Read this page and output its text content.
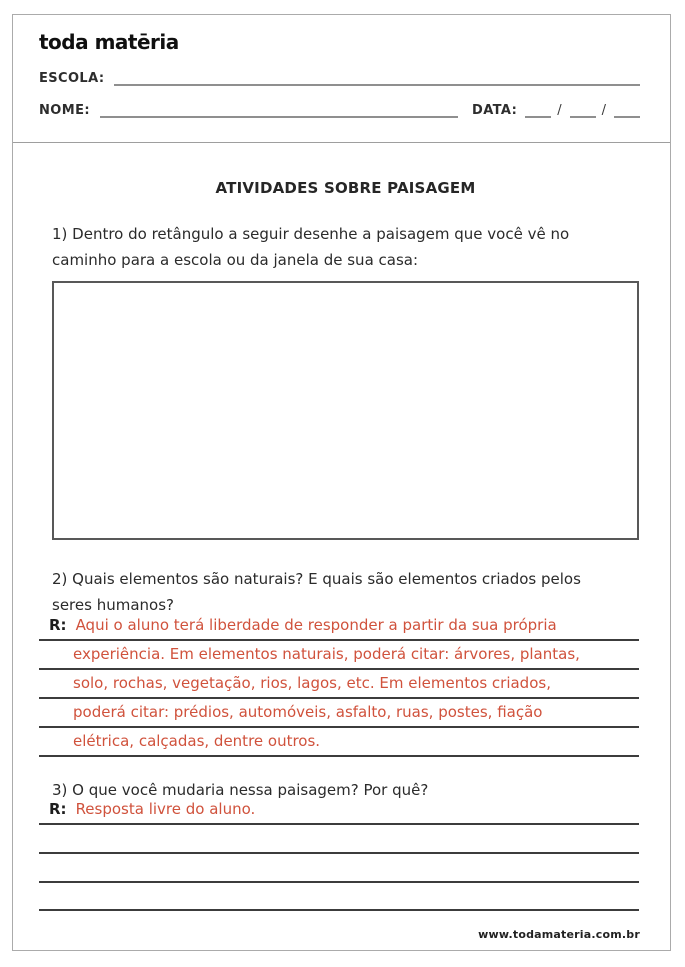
toda matēria
ESCOLA:
NOME:	DATA:	/	/
ATIVIDADES SOBRE PAISAGEM
1) Dentro do retângulo a seguir desenhe a paisagem que você vê no
caminho para a escola ou da janela de sua casa:
2) Quais elementos são naturais? E quais são elementos criados pelos
seres humanos?
R: Aqui o aluno terá liberdade de responder a partir da sua própria
experiência. Em elementos naturais, poderá citar: árvores, plantas,
solo, rochas, vegetação, rios, lagos, etc. Em elementos criados,
poderá citar: prédios, automóveis, asfalto, ruas, postes, fiação
elétrica, calçadas, dentre outros.
3) O que você mudaria nessa paisagem? Por quê?
R: Resposta livre do aluno.
www.todamateria.com.br
